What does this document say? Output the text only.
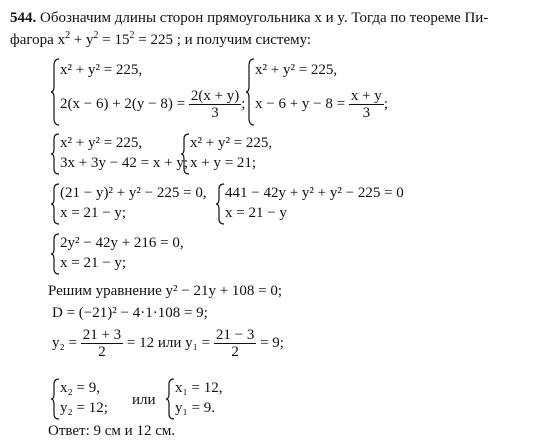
544. Обозначим длины сторон прямоугольника x и y. Тогда по теореме Пи-
фагора $x^2 + y^2 = 15^2 = 225$ ; и получим систему:
x² + y² = 225,
$2(x - 6) + 2(y - 8) = \frac{2(x + y)}{3}$ ;
x² + y² = 225,
$x - 6 + y - 8 = \frac{x + y}{3}$ ;
x² + y² = 225,
3x + 3y − 42 = x + y;
x² + y² = 225,
x + y = 21;
(21 − y)² + y² − 225 = 0,
x = 21 − y;
441 − 42y + y² + y² − 225 = 0
x = 21 − y
2y² − 42y + 216 = 0,
x = 21 − y;
Решим уравнение y² − 21y + 108 = 0;
D = (−21)² − 4·1·108 = 9;
$y_2 = \frac{21 + 3}{2} = 12$ или $y_1 = \frac{21 - 3}{2} = 9$;
x₂ = 9,
y₂ = 12; или
x₁ = 12,
y₁ = 9.
Ответ: 9 см и 12 см.
